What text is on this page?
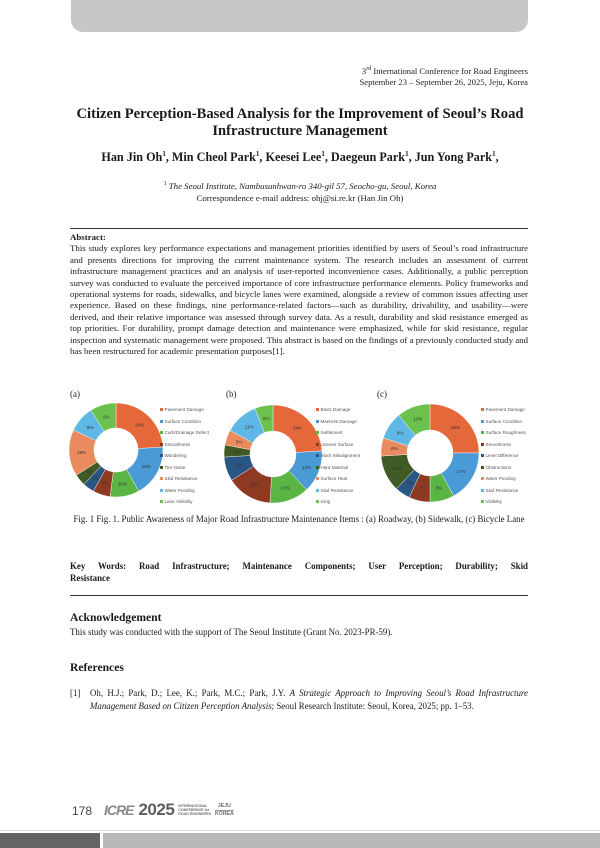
3rd International Conference for Road Engineers
September 23 – September 26, 2025, Jeju, Korea
Citizen Perception-Based Analysis for the Improvement of Seoul’s Road Infrastructure Management
Han Jin Oh$^1$, Min Cheol Park$^1$, Keesei Lee$^1$, Daegeun Park$^1$, Jun Yong Park$^1$,
$^1$ The Seoul Institute, Nambusunhwan-ro 340-gil 57, Seocho-gu, Seoul, Korea
Correspondence e-mail address: ohj@si.re.kr (Han Jin Oh)
Abstract:
This study explores key performance expectations and management priorities identified by users of Seoul’s road infrastructure and presents directions for improving the current maintenance system. The research includes an assessment of current infrastructure management practices and an analysis of user-reported inconvenience cases. Additionally, a public perception survey was conducted to evaluate the perceived importance of core infrastructure performance elements. Policy frameworks and operational systems for roads, sidewalks, and bicycle lanes were examined, alongside a review of common issues affecting user experience. Based on these findings, nine performance-related factors—such as durability, drivability, and usability—were derived, and their relative importance was assessed through survey data. As a result, durability and skid resistance emerged as top priorities. For durability, prompt damage detection and maintenance were emphasized, while for skid resistance, regular inspection and systematic management were proposed. This abstract is based on the findings of a previously conducted study and has been restructured for academic presentation purposes[1].
(a)	(b)	(c)
24%
18%
10%
6%
4%
4%
16%
9%
9%
24%
14%
13%
15%
8%
4%
5%
11%
6%
25%
17%
8%
7%
5%
12%
6%
9%
11%
Pavement Damage
Surface Condition
Curb/Drainage Defect
Smoothness
Wandering
Tire Noise
Skid Resistance
Water Ponding
Lane Visibility
Block Damage
Manhole Damage
Settlement
Uneven Surface
Block Misalignment
Hard Material
Surface Heat
Skid Resistance
Icing
Pavement Damage
Surface Condition
Surface Roughness
Smoothness
Level Difference
Obstructions
Water Ponding
Skid Resistance
Visibility
Fig. 1 Fig. 1. Public Awareness of Major Road Infrastructure Maintenance Items : (a) Roadway, (b) Sidewalk, (c) Bicycle Lane
Key Words: Road Infrastructure; Maintenance Components; User Perception; Durability; Skid
Resistance
Acknowledgement
This study was conducted with the support of The Seoul Institute (Grant No. 2023-PR-59).
References
[1]	Oh, H.J.; Park, D.; Lee, K.; Park, M.C.; Park, J.Y. A Strategic Approach to Improving Seoul’s Road Infrastructure Management Based on Citizen Perception Analysis; Seoul Research Institute: Seoul, Korea, 2025; pp. 1–53.
178 ICRE 2025 INTERNATIONAL
CONFERENCE for
ROAD ENGINEERS
JEJU
KOREA
